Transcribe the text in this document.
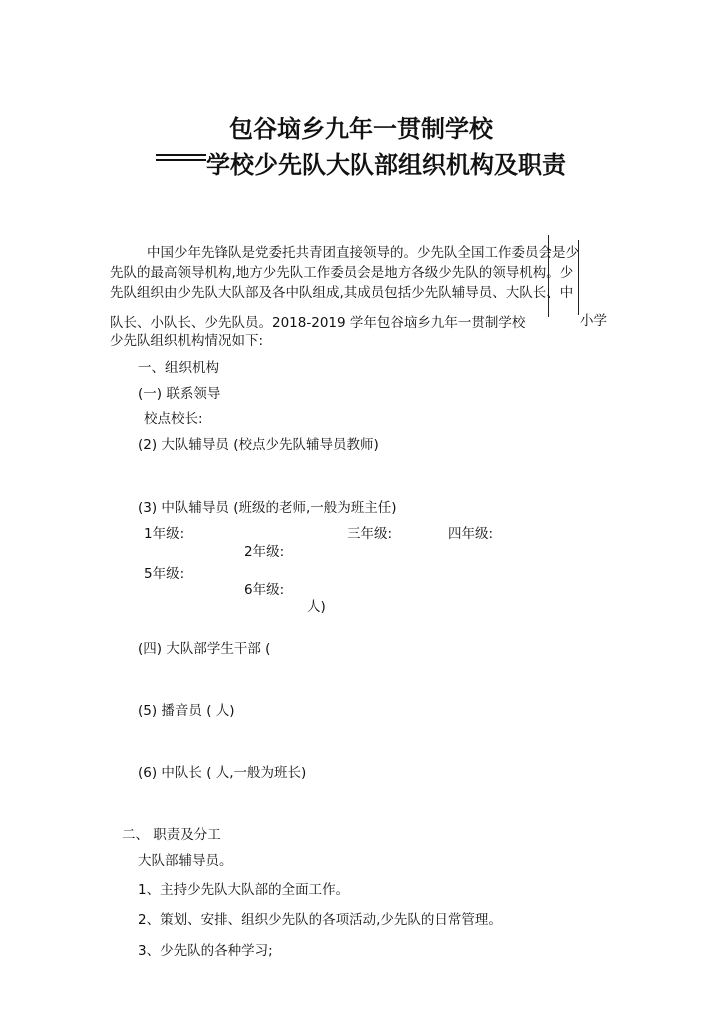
包谷垴乡九年一贯制学校
学校少先队大队部组织机构及职责
中国少年先锋队是党委托共青团直接领导的。少先队全国工作委员会是少
先队的最高领导机构,地方少先队工作委员会是地方各级少先队的领导机构。少
先队组织由少先队大队部及各中队组成,其成员包括少先队辅导员、大队长、中
队长、小队长、少先队员。2018-2019 学年包谷垴乡九年一贯制学校	小学
少先队组织机构情况如下:
一、组织机构
(一) 联系领导
校点校长:
(2) 大队辅导员 (校点少先队辅导员教师)
(3) 中队辅导员 (班级的老师,一般为班主任)
1年级:	三年级:	四年级:
2年级:
5年级:
6年级:
人)
(四) 大队部学生干部 (
(5) 播音员 ( 人)
(6) 中队长 ( 人,一般为班长)
二、 职责及分工
大队部辅导员。
1、主持少先队大队部的全面工作。
2、策划、安排、组织少先队的各项活动,少先队的日常管理。
3、少先队的各种学习;
